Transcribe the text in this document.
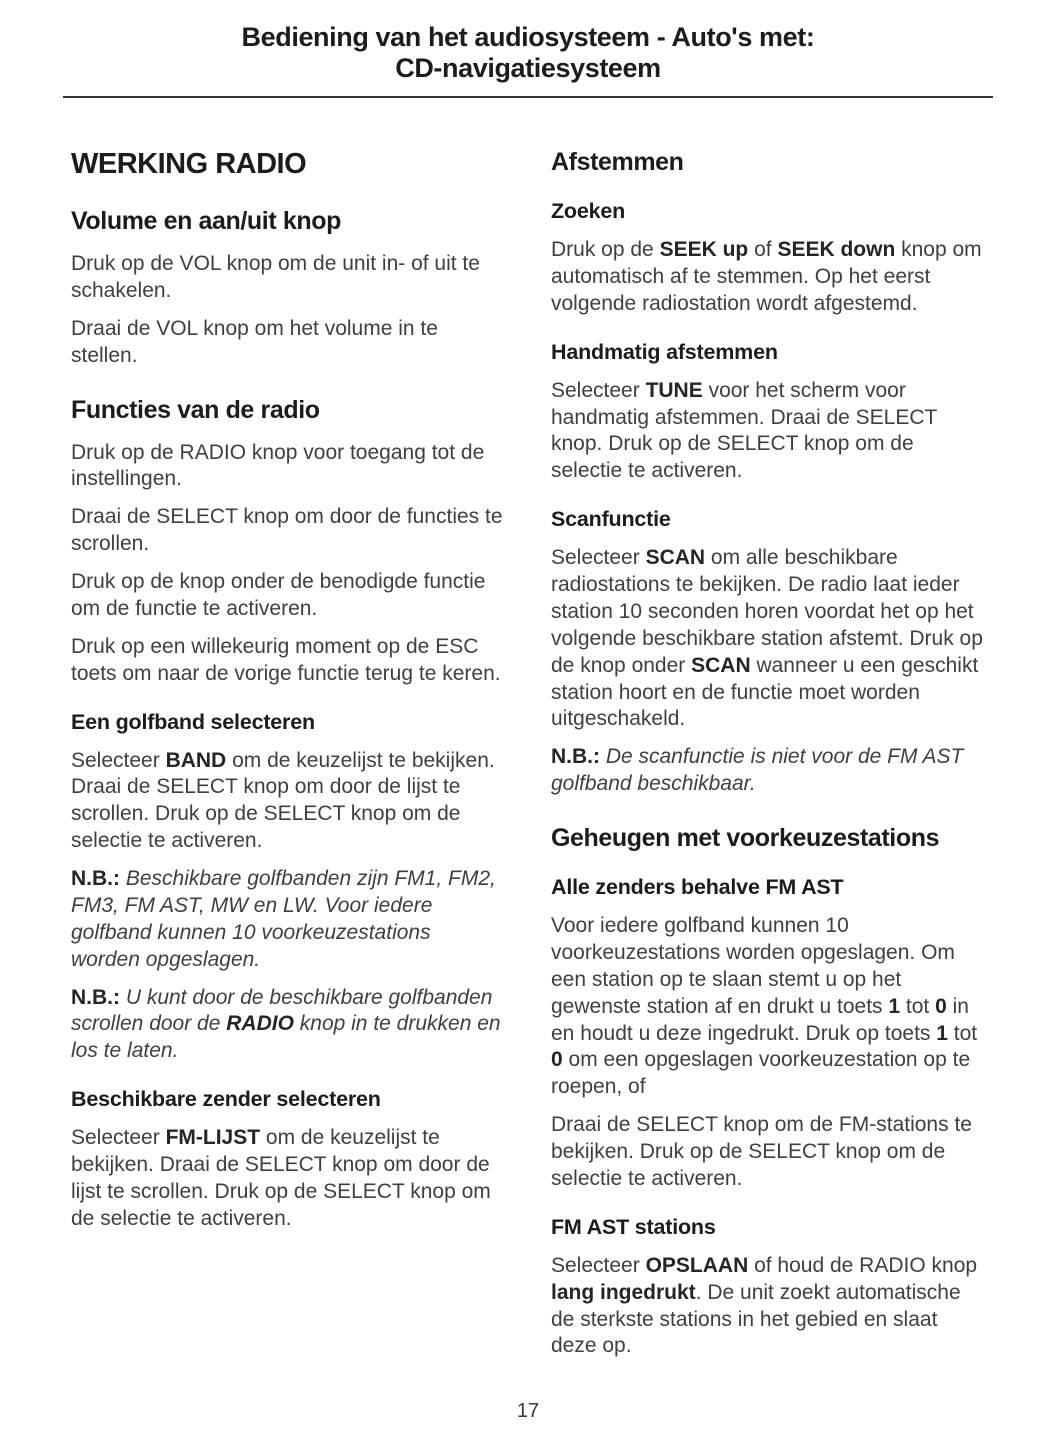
Bediening van het audiosysteem - Auto's met:
CD-navigatiesysteem
WERKING RADIO
Volume en aan/uit knop

Druk op de VOL knop om de unit in- of uit te schakelen.

Draai de VOL knop om het volume in te stellen.

Functies van de radio

Druk op de RADIO knop voor toegang tot de instellingen.

Draai de SELECT knop om door de functies te scrollen.

Druk op de knop onder de benodigde functie om de functie te activeren.

Druk op een willekeurig moment op de ESC toets om naar de vorige functie terug te keren.

Een golfband selecteren

Selecteer BAND om de keuzelijst te bekijken. Draai de SELECT knop om door de lijst te scrollen. Druk op de SELECT knop om de selectie te activeren.

N.B.: Beschikbare golfbanden zijn FM1, FM2, FM3, FM AST, MW en LW. Voor iedere golfband kunnen 10 voorkeuzestations worden opgeslagen.

N.B.: U kunt door de beschikbare golfbanden scrollen door de RADIO knop in te drukken en los te laten.

Beschikbare zender selecteren

Selecteer FM-LIJST om de keuzelijst te bekijken. Draai de SELECT knop om door de lijst te scrollen. Druk op de SELECT knop om de selectie te activeren.

Afstemmen
Zoeken

Druk op de SEEK up of SEEK down knop om automatisch af te stemmen. Op het eerst volgende radiostation wordt afgestemd.

Handmatig afstemmen

Selecteer TUNE voor het scherm voor handmatig afstemmen. Draai de SELECT knop. Druk op de SELECT knop om de selectie te activeren.

Scanfunctie

Selecteer SCAN om alle beschikbare radiostations te bekijken. De radio laat ieder station 10 seconden horen voordat het op het volgende beschikbare station afstemt. Druk op de knop onder SCAN wanneer u een geschikt station hoort en de functie moet worden uitgeschakeld.

N.B.: De scanfunctie is niet voor de FM AST golfband beschikbaar.

Geheugen met voorkeuzestations
Alle zenders behalve FM AST

Voor iedere golfband kunnen 10 voorkeuzestations worden opgeslagen. Om een station op te slaan stemt u op het gewenste station af en drukt u toets 1 tot 0 in en houdt u deze ingedrukt. Druk op toets 1 tot 0 om een opgeslagen voorkeuzestation op te roepen, of

Draai de SELECT knop om de FM-stations te bekijken. Druk op de SELECT knop om de selectie te activeren.

FM AST stations

Selecteer OPSLAAN of houd de RADIO knop lang ingedrukt. De unit zoekt automatische de sterkste stations in het gebied en slaat deze op.

17
